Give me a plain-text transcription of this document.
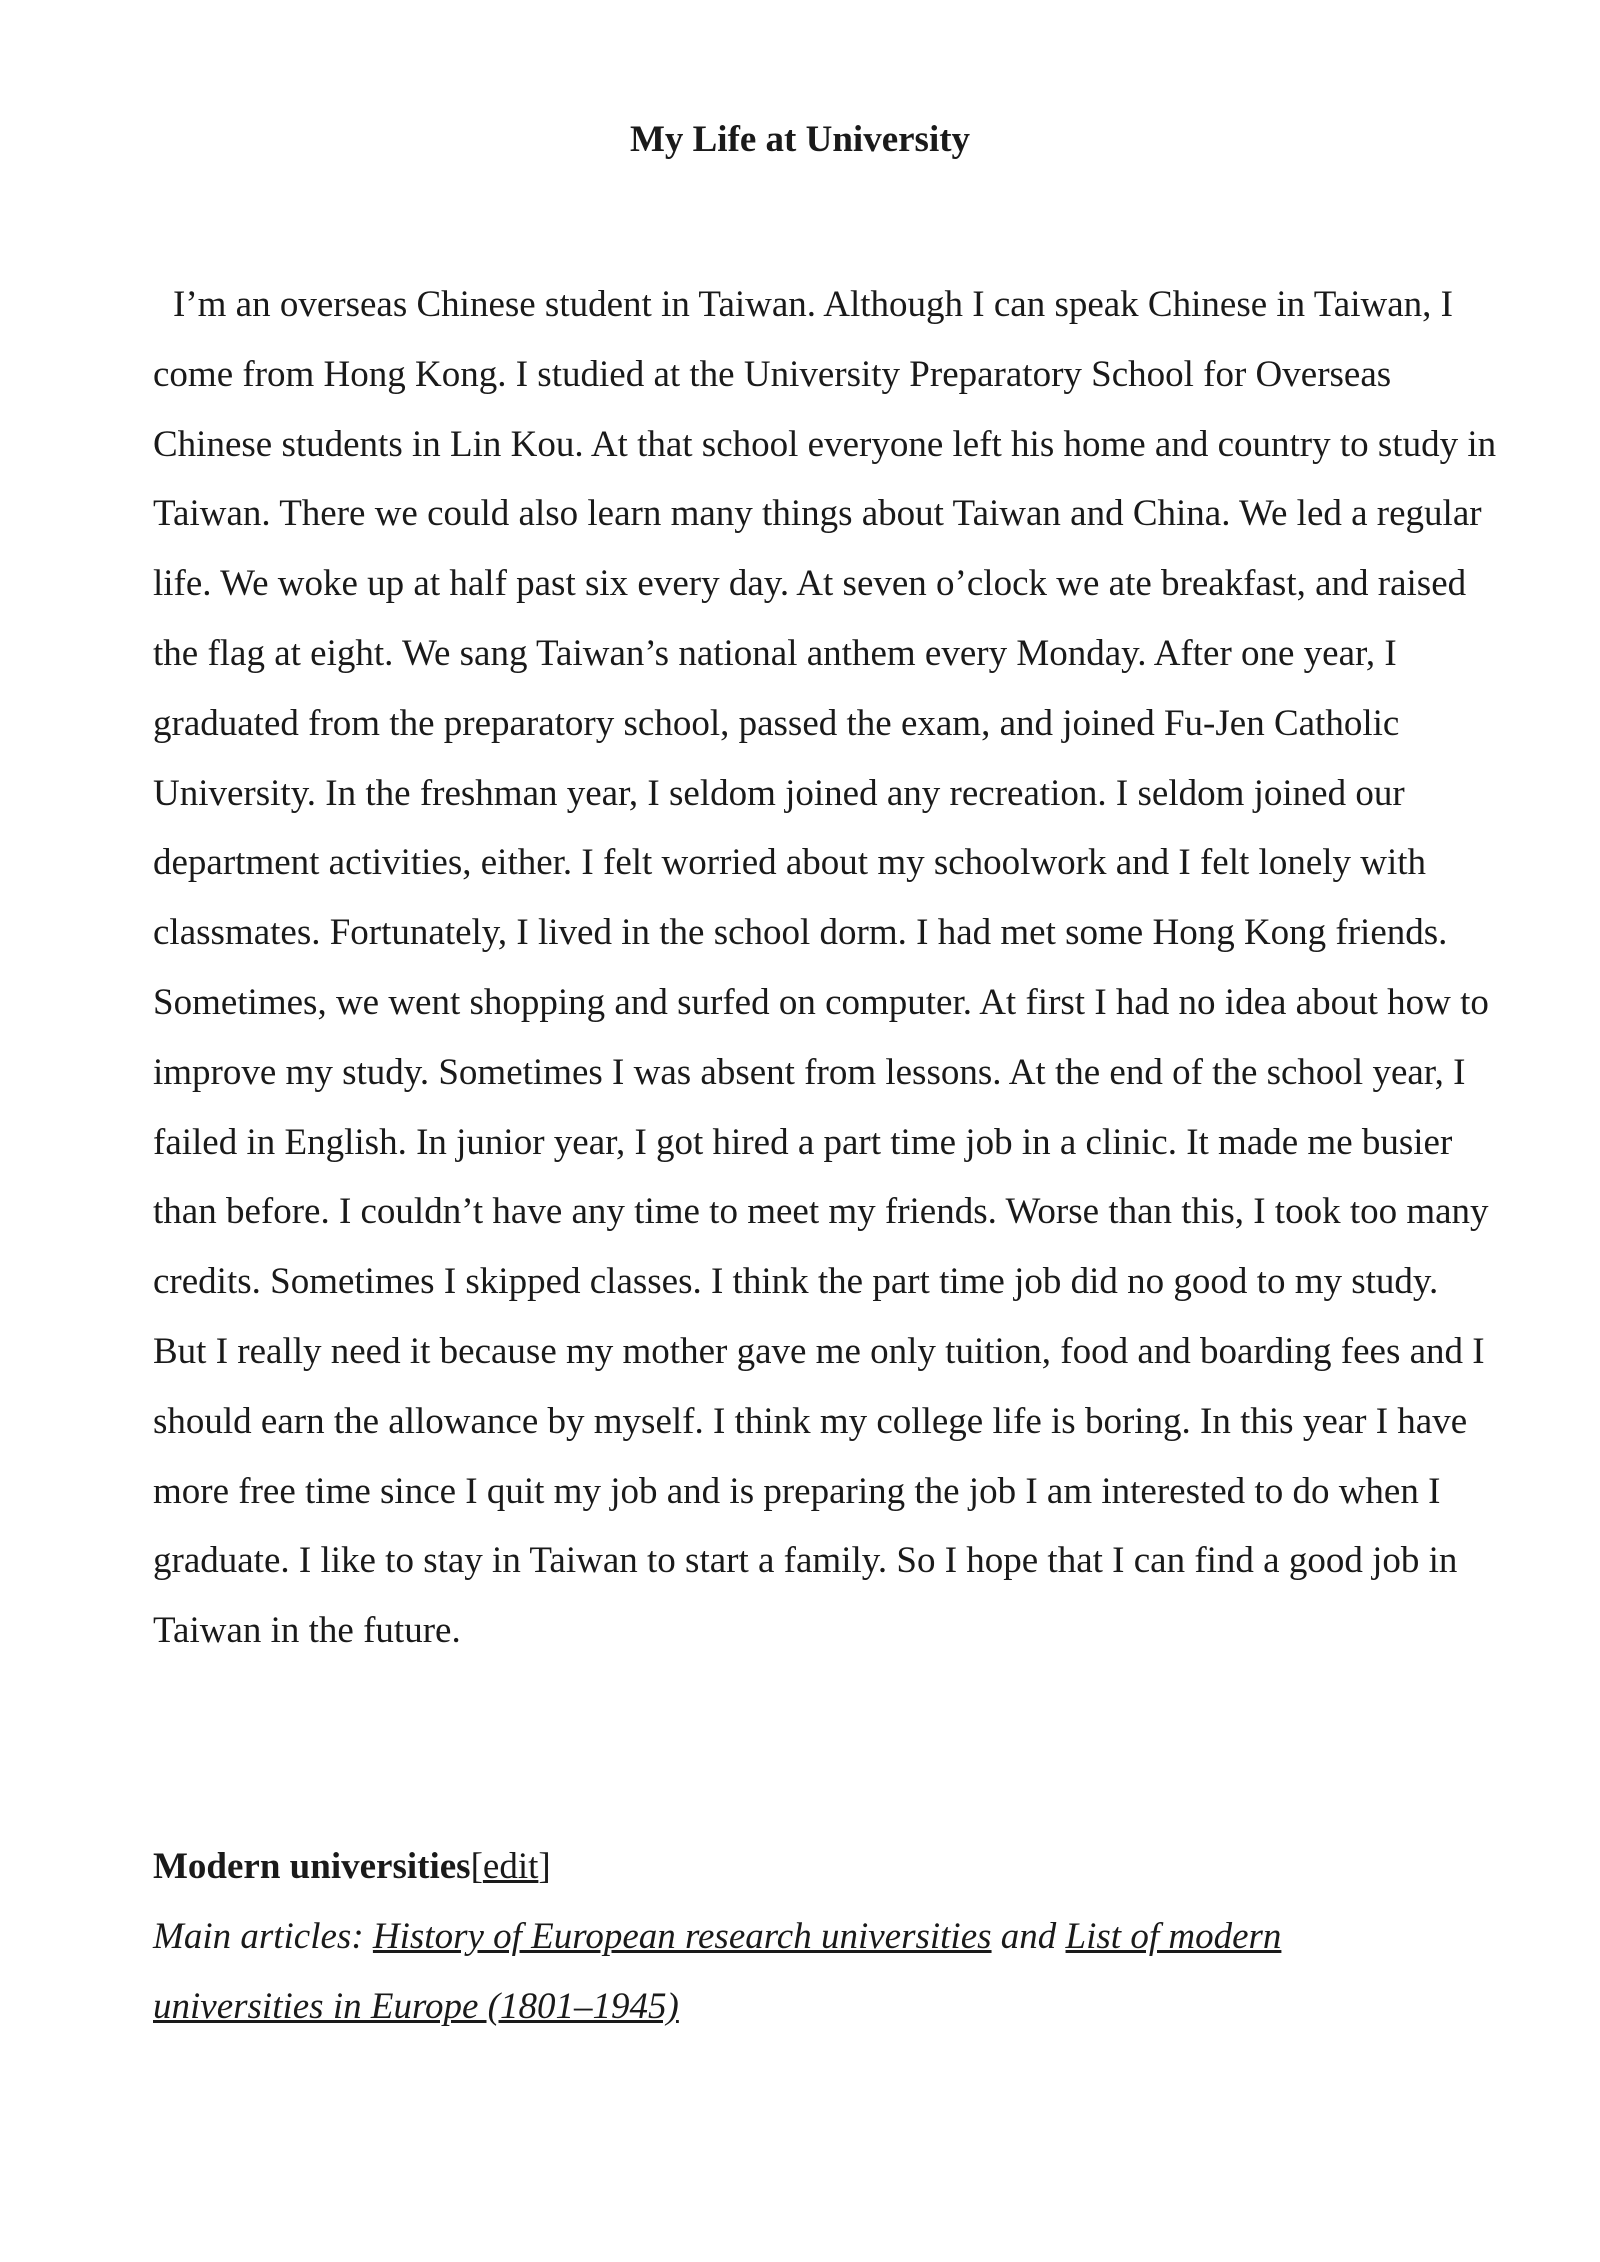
My Life at University

I’m an overseas Chinese student in Taiwan. Although I can speak Chinese in Taiwan, I come from Hong Kong. I studied at the University Preparatory School for Overseas Chinese students in Lin Kou. At that school everyone left his home and country to study in Taiwan. There we could also learn many things about Taiwan and China. We led a regular life. We woke up at half past six every day. At seven o’clock we ate breakfast, and raised the flag at eight. We sang Taiwan’s national anthem every Monday. After one year, I graduated from the preparatory school, passed the exam, and joined Fu-Jen Catholic University. In the freshman year, I seldom joined any recreation. I seldom joined our department activities, either. I felt worried about my schoolwork and I felt lonely with classmates. Fortunately, I lived in the school dorm. I had met some Hong Kong friends. Sometimes, we went shopping and surfed on computer. At first I had no idea about how to improve my study. Sometimes I was absent from lessons. At the end of the school year, I failed in English. In junior year, I got hired a part time job in a clinic. It made me busier than before. I couldn’t have any time to meet my friends. Worse than this, I took too many credits. Sometimes I skipped classes. I think the part time job did no good to my study. But I really need it because my mother gave me only tuition, food and boarding fees and I should earn the allowance by myself. I think my college life is boring. In this year I have more free time since I quit my job and is preparing the job I am interested to do when I graduate. I like to stay in Taiwan to start a family. So I hope that I can find a good job in Taiwan in the future.

Modern universities[edit]

Main articles: History of European research universities and List of modern universities in Europe (1801–1945)
